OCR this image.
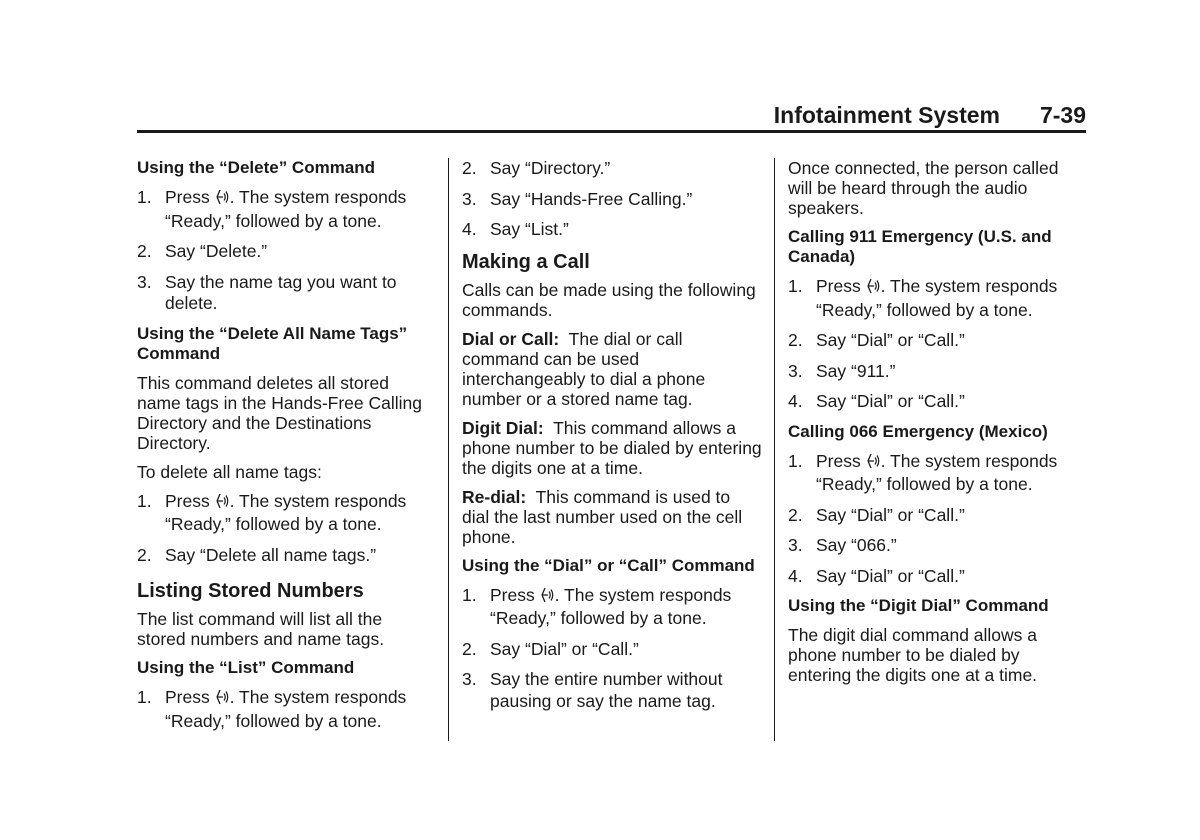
Infotainment System 7-39
Using the “Delete” Command
1. Press . The system responds “Ready,” followed by a tone.
2. Say “Delete.”
3. Say the name tag you want to delete.
Using the “Delete All Name Tags” Command
This command deletes all stored name tags in the Hands-Free Calling Directory and the Destinations Directory.
To delete all name tags:
1. Press . The system responds “Ready,” followed by a tone.
2. Say “Delete all name tags.”
Listing Stored Numbers
The list command will list all the stored numbers and name tags.
Using the “List” Command
1. Press . The system responds “Ready,” followed by a tone.
2. Say “Directory.”
3. Say “Hands-Free Calling.”
4. Say “List.”
Making a Call
Calls can be made using the following commands.
Dial or Call: The dial or call command can be used interchangeably to dial a phone number or a stored name tag.
Digit Dial: This command allows a phone number to be dialed by entering the digits one at a time.
Re-dial: This command is used to dial the last number used on the cell phone.
Using the “Dial” or “Call” Command
1. Press . The system responds “Ready,” followed by a tone.
2. Say “Dial” or “Call.”
3. Say the entire number without pausing or say the name tag.
Once connected, the person called will be heard through the audio speakers.
Calling 911 Emergency (U.S. and Canada)
1. Press . The system responds “Ready,” followed by a tone.
2. Say “Dial” or “Call.”
3. Say “911.”
4. Say “Dial” or “Call.”
Calling 066 Emergency (Mexico)
1. Press . The system responds “Ready,” followed by a tone.
2. Say “Dial” or “Call.”
3. Say “066.”
4. Say “Dial” or “Call.”
Using the “Digit Dial” Command
The digit dial command allows a phone number to be dialed by entering the digits one at a time.
